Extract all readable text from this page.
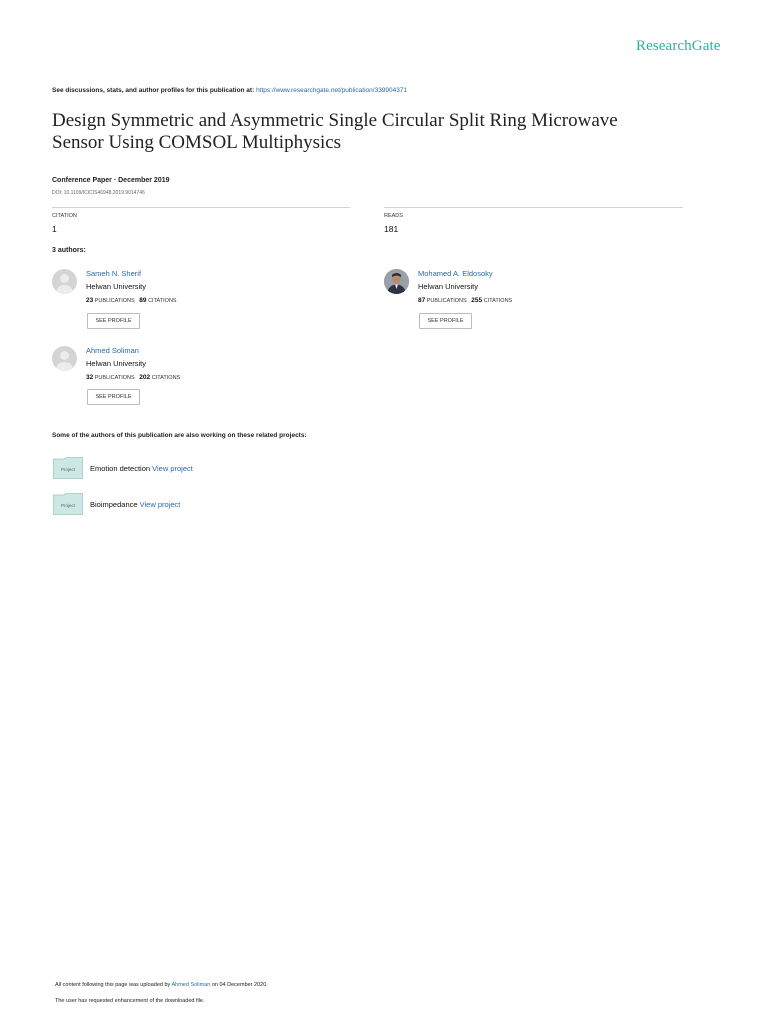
ResearchGate
See discussions, stats, and author profiles for this publication at: https://www.researchgate.net/publication/339904371
Design Symmetric and Asymmetric Single Circular Split Ring Microwave
Sensor Using COMSOL Multiphysics
Conference Paper · December 2019
DOI: 10.1109/ICICIS46948.2019.9014746
CITATION
1
READS
181
3 authors:
Sameh N. Sherif
Helwan University
23 PUBLICATIONS 89 CITATIONS
SEE PROFILE
Mohamed A. Eldosoky
Helwan University
87 PUBLICATIONS 255 CITATIONS
SEE PROFILE
Ahmed Soliman
Helwan University
32 PUBLICATIONS 202 CITATIONS
SEE PROFILE
Some of the authors of this publication are also working on these related projects:
Project Emotion detection View project
Project Bioimpedance View project
All content following this page was uploaded by Ahmed Soliman on 04 December 2020.
The user has requested enhancement of the downloaded file.
